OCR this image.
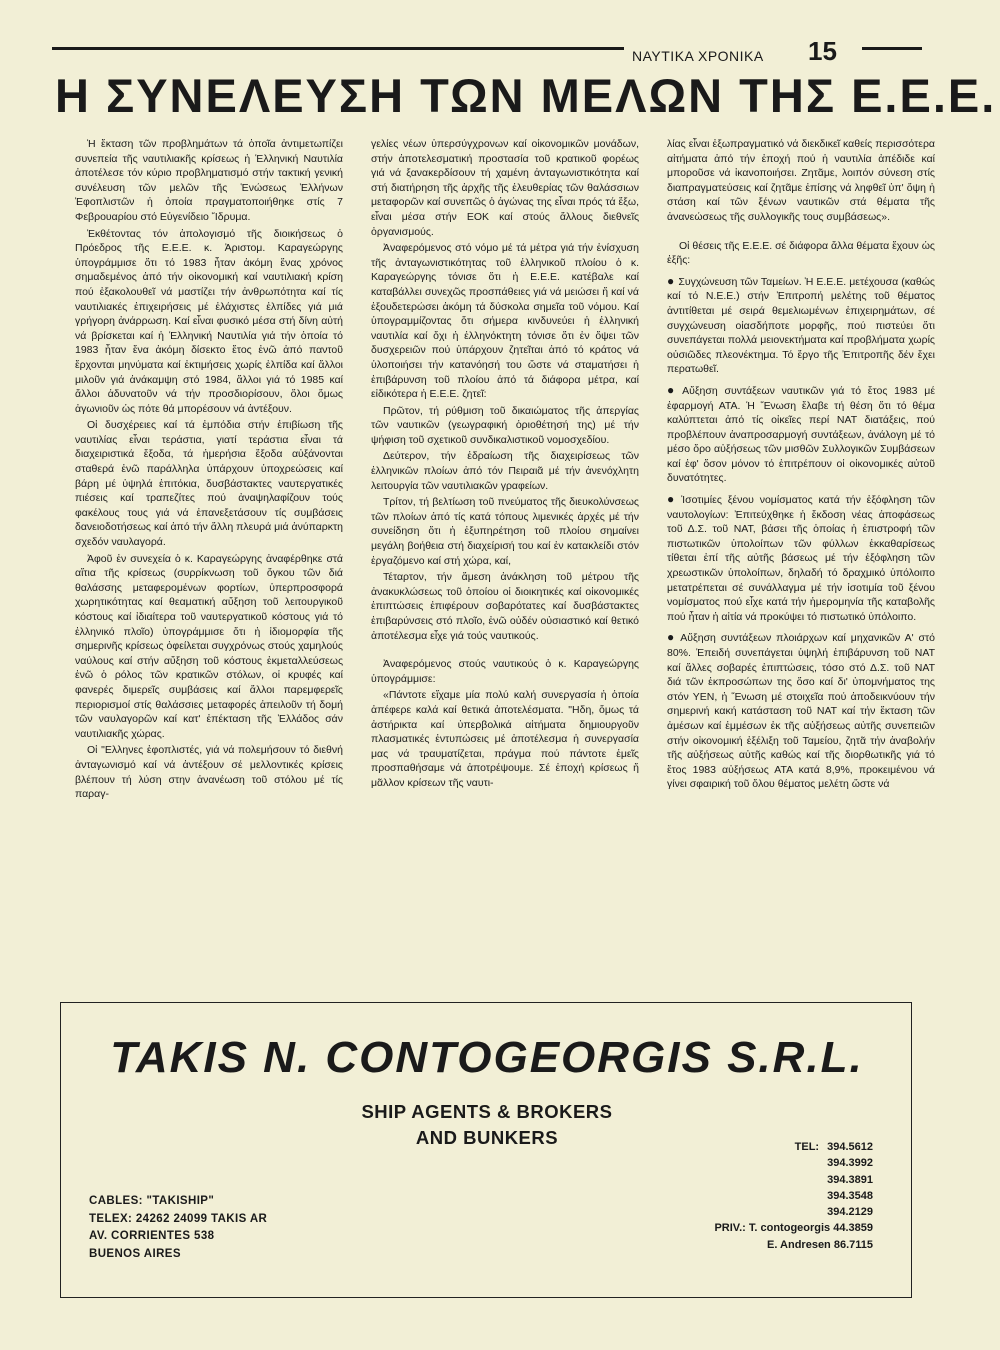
ΝΑΥΤΙΚΑ ΧΡΟΝΙΚΑ 15
Η ΣΥΝΕΛΕΥΣΗ ΤΩΝ ΜΕΛΩΝ ΤΗΣ Ε.Ε.Ε.

Ἡ ἔκταση τῶν προβλημάτων τά ὁποῖα ἀντιμετωπίζει συνεπεία τῆς ναυτιλιακῆς κρίσεως ἡ Ἑλληνική Ναυτιλία ἀποτέλεσε τόν κύριο προβληματισμό στήν τακτική γενική συνέλευση τῶν μελῶν τῆς Ἑνώσεως Ἑλλήνων Ἐφοπλιστῶν ἡ ὁποία πραγματοποιήθηκε στίς 7 Φεβρουαρίου στό Εὐγενίδειο Ἵδρυμα.

Ἐκθέτοντας τόν ἀπολογισμό τῆς διοικήσεως ὁ Πρόεδρος τῆς Ε.Ε.Ε. κ. Ἀριστομ. Καραγεώργης ὑπογράμμισε ὅτι τό 1983 ἦταν ἀκόμη ἕνας χρόνος σημαδεμένος ἀπό τήν οἰκονομική καί ναυτιλιακή κρίση πού ἐξακολουθεῖ νά μαστίζει τήν ἀνθρωπότητα καί τίς ναυτιλιακές ἐπιχειρήσεις μέ ἐλάχιστες ἐλπίδες γιά μιά γρήγορη ἀνάρρωση. Καί εἶναι φυσικό μέσα στή δίνη αὐτή νά βρίσκεται καί ἡ Ἑλληνική Ναυτιλία γιά τήν ὁποία τό 1983 ἦταν ἕνα ἀκόμη δίσεκτο ἔτος ἐνῶ ἀπό παντοῦ ἔρχονται μηνύματα καί ἐκτιμήσεις χωρίς ἐλπίδα καί ἄλλοι μιλοῦν γιά ἀνάκαμψη στό 1984, ἄλλοι γιά τό 1985 καί ἄλλοι ἀδυνατοῦν νά τήν προσδιορίσουν, ὅλοι ὅμως ἀγωνιοῦν ὡς πότε θά μπορέσουν νά ἀντέξουν.

Οἱ δυσχέρειες καί τά ἐμπόδια στήν ἐπιβίωση τῆς ναυτιλίας εἶναι τεράστια, γιατί τεράστια εἶναι τά διαχειριστικά ἔξοδα, τά ἡμερήσια ἔξοδα αὐξάνονται σταθερά ἐνῶ παράλληλα ὑπάρχουν ὑποχρεώσεις καί βάρη μέ ὑψηλά ἐπιτόκια, δυσβάστακτες ναυτεργατικές πιέσεις καί τραπεζίτες πού ἀναψηλαφίζουν τούς φακέλους τους γιά νά ἐπανεξετάσουν τίς συμβάσεις δανειοδοτήσεως καί ἀπό τήν ἄλλη πλευρά μιά ἀνύπαρκτη σχεδόν ναυλαγορά.

Ἀφοῦ ἐν συνεχεία ὁ κ. Καραγεώργης ἀναφέρθηκε στά αἴτια τῆς κρίσεως (συρρίκνωση τοῦ ὄγκου τῶν διά θαλάσσης μεταφερομένων φορτίων, ὑπερπροσφορά χωρητικότητας καί θεαματική αὔξηση τοῦ λειτουργικοῦ κόστους καί ἰδιαίτερα τοῦ ναυτεργατικοῦ κόστους γιά τό ἑλληνικό πλοῖο) ὑπογράμμισε ὅτι ἡ ἰδιομορφία τῆς σημερινῆς κρίσεως ὀφείλεται συγχρόνως στούς χαμηλούς ναύλους καί στήν αὔξηση τοῦ κόστους ἐκμεταλλεύσεως ἐνῶ ὁ ρόλος τῶν κρατικῶν στόλων, οἱ κρυφές καί φανερές διμερεῖς συμβάσεις καί ἄλλοι παρεμφερεῖς περιορισμοί στίς θαλάσσιες μεταφορές ἀπειλοῦν τή δομή τῶν ναυλαγορῶν καί κατ' ἐπέκταση τῆς Ἑλλάδος σάν ναυτιλιακῆς χώρας.

Οἱ "Ελληνες ἐφοπλιστές, γιά νά πολεμήσουν τό διεθνή ἀνταγωνισμό καί νά ἀντέξουν σέ μελλοντικές κρίσεις βλέπουν τή λύση στην ἀνανέωση τοῦ στόλου μέ τίς παραγ-

γελίες νέων ὑπερσύγχρονων καί οἰκονομικῶν μονάδων, στήν ἀποτελεσματική προστασία τοῦ κρατικοῦ φορέως γιά νά ξανακερδίσουν τή χαμένη ἀνταγωνιστικότητα καί στή διατήρηση τῆς ἀρχῆς τῆς ἐλευθερίας τῶν θαλάσσιων μεταφορῶν καί συνεπῶς ὁ ἀγώνας της εἶναι πρός τά ἔξω, εἶναι μέσα στήν ΕΟΚ καί στούς ἄλλους διεθνεῖς ὀργανισμούς.

Ἀναφερόμενος στό νόμο μέ τά μέτρα γιά τήν ἐνίσχυση τῆς ἀνταγωνιστικότητας τοῦ ἑλληνικοῦ πλοίου ὁ κ. Καραγεώργης τόνισε ὅτι ἡ Ε.Ε.Ε. κατέβαλε καί καταβάλλει συνεχῶς προσπάθειες γιά νά μειώσει ἤ καί νά ἐξουδετερώσει ἀκόμη τά δύσκολα σημεῖα τοῦ νόμου. Καί ὑπογραμμίζοντας ὅτι σήμερα κινδυνεύει ἡ ἑλληνική ναυτιλία καί ὄχι ἡ ἑλληνόκτητη τόνισε ὅτι ἐν ὄψει τῶν δυσχερειῶν πού ὑπάρχουν ζητεῖται ἀπό τό κράτος νά ὑλοποιήσει τήν κατανόησή του ὥστε νά σταματήσει ἡ ἐπιβάρυνση τοῦ πλοίου ἀπό τά διάφορα μέτρα, καί εἰδικότερα ἡ Ε.Ε.Ε. ζητεῖ:

Πρῶτον, τή ρύθμιση τοῦ δικαιώματος τῆς ἀπεργίας τῶν ναυτικῶν (γεωγραφική ὁριοθέτησή της) μέ τήν ψήφιση τοῦ σχετικοῦ συνδικαλιστικοῦ νομοσχεδίου.

Δεύτερον, τήν ἑδραίωση τῆς διαχειρίσεως τῶν ἑλληνικῶν πλοίων ἀπό τόν Πειραιᾶ μέ τήν ἀνενόχλητη λειτουργία τῶν ναυτιλιακῶν γραφείων.

Τρίτον, τή βελτίωση τοῦ πνεύματος τῆς διευκολύνσεως τῶν πλοίων ἀπό τίς κατά τόπους λιμενικές ἀρχές μέ τήν συνείδηση ὅτι ἡ ἐξυπηρέτηση τοῦ πλοίου σημαίνει μεγάλη βοήθεια στή διαχείρισή του καί ἐν κατακλείδι στόν ἐργαζόμενο καί στή χώρα, καί,

Τέταρτον, τήν ἄμεση ἀνάκληση τοῦ μέτρου τῆς ἀνακυκλώσεως τοῦ ὁποίου οἱ διοικητικές καί οἰκονομικές ἐπιπτώσεις ἐπιφέρουν σοβαρότατες καί δυσβάστακτες ἐπιβαρύνσεις στό πλοῖο, ἐνῶ οὐδέν οὐσιαστικό καί θετικό ἀποτέλεσμα εἶχε γιά τούς ναυτικούς.

Ἀναφερόμενος στούς ναυτικούς ὁ κ. Καραγεώργης ὑπογράμμισε:

«Πάντοτε εἴχαμε μία πολύ καλή συνεργασία ἡ ὁποία ἀπέφερε καλά καί θετικά ἀποτελέσματα. "Ηδη, ὅμως τά ἀστήρικτα καί ὑπερβολικά αἰτήματα δημιουργοῦν πλασματικές ἐντυπώσεις μέ ἀποτέλεσμα ἡ συνεργασία μας νά τραυματίζεται, πράγμα πού πάντοτε ἐμεῖς προσπαθήσαμε νά ἀποτρέψουμε. Σέ ἐποχή κρίσεως ἤ μᾶλλον κρίσεων τῆς ναυτι-

λίας εἶναι ἐξωπραγματικό νά διεκδικεῖ καθείς περισσότερα αἰτήματα ἀπό τήν ἐποχή πού ἡ ναυτιλία ἀπέδιδε καί μποροῦσε νά ἱκανοποιήσει. Ζητᾶμε, λοιπόν σύνεση στίς διαπραγματεύσεις καί ζητᾶμε ἐπίσης νά ληφθεῖ ὑπ' ὄψη ἡ στάση καί τῶν ξένων ναυτικῶν στά θέματα τῆς ἀνανεώσεως τῆς συλλογικῆς τους συμβάσεως».

Οἱ θέσεις τῆς Ε.Ε.Ε. σέ διάφορα ἄλλα θέματα ἔχουν ὡς ἑξῆς:

● Συγχώνευση τῶν Ταμείων. Ἡ Ε.Ε.Ε. μετέχουσα (καθώς καί τό Ν.Ε.Ε.) στήν Ἐπιτροπή μελέτης τοῦ θέματος ἀντιτίθεται μέ σειρά θεμελιωμένων ἐπιχειρημάτων, σέ συγχώνευση οἱασδήποτε μορφῆς, πού πιστεύει ὅτι συνεπάγεται πολλά μειονεκτήματα καί προβλήματα χωρίς οὐσιῶδες πλεονέκτημα. Τό ἔργο τῆς Ἐπιτροπῆς δέν ἔχει περατωθεῖ.

● Αὔξηση συντάξεων ναυτικῶν γιά τό ἔτος 1983 μέ ἐφαρμογή ΑΤΑ. Ἡ Ἕνωση ἔλαβε τή θέση ὅτι τό θέμα καλύπτεται ἀπό τίς οἰκεῖες περί ΝΑΤ διατάξεις, πού προβλέπουν ἀναπροσαρμογή συντάξεων, ἀνάλογη μέ τό μέσο ὅρο αὐξήσεως τῶν μισθῶν Συλλογικῶν Συμβάσεων καί ἐφ' ὅσον μόνον τό ἐπιτρέπουν οἱ οἰκονομικές αὐτοῦ δυνατότητες.

● Ἰσοτιμίες ξένου νομίσματος κατά τήν ἐξόφληση τῶν ναυτολογίων: Ἐπιτεύχθηκε ἡ ἔκδοση νέας ἀποφάσεως τοῦ Δ.Σ. τοῦ ΝΑΤ, βάσει τῆς ὁποίας ἡ ἐπιστροφή τῶν πιστωτικῶν ὑπολοίπων τῶν φύλλων ἐκκαθαρίσεως τίθεται ἐπί τῆς αὐτῆς βάσεως μέ τήν ἐξόφληση τῶν χρεωστικῶν ὑπολοίπων, δηλαδή τό δραχμικό ὑπόλοιπο μετατρέπεται σέ συνάλλαγμα μέ τήν ἰσοτιμία τοῦ ξένου νομίσματος πού εἶχε κατά τήν ἡμερομηνία τῆς καταβολῆς πού ἦταν ἡ αἰτία νά προκύψει τό πιστωτικό ὑπόλοιπο.

● Αὔξηση συντάξεων πλοιάρχων καί μηχανικῶν Α' στό 80%. Ἐπειδή συνεπάγεται ὑψηλή ἐπιβάρυνση τοῦ ΝΑΤ καί ἄλλες σοβαρές ἐπιπτώσεις, τόσο στό Δ.Σ. τοῦ ΝΑΤ διά τῶν ἐκπροσώπων της ὅσο καί δι' ὑπομνήματος της στόν ΥΕΝ, ἡ Ἕνωση μέ στοιχεῖα πού ἀποδεικνύουν τήν σημερινή κακή κατάσταση τοῦ ΝΑΤ καί τήν ἔκταση τῶν ἀμέσων καί ἐμμέσων ἐκ τῆς αὐξήσεως αὐτῆς συνεπειῶν στήν οἰκονομική ἐξέλιξη τοῦ Ταμείου, ζητᾶ τήν ἀναβολήν τῆς αὐξήσεως αὐτῆς καθώς καί τῆς διορθωτικῆς γιά τό ἔτος 1983 αὐξήσεως ΑΤΑ κατά 8,9%, προκειμένου νά γίνει σφαιρική τοῦ ὅλου θέματος μελέτη ὥστε νά

TAKIS N. CONTOGEORGIS S.R.L.
SHIP AGENTS & BROKERS
AND BUNKERS
CABLES: "TAKISHIP"
TELEX: 24262 24099 TAKIS AR
AV. CORRIENTES 538
BUENOS AIRES
TEL: 394.5612
394.3992
394.3891
394.3548
394.2129
PRIV.: T. contogeorgis 44.3859
E. Andresen 86.7115
